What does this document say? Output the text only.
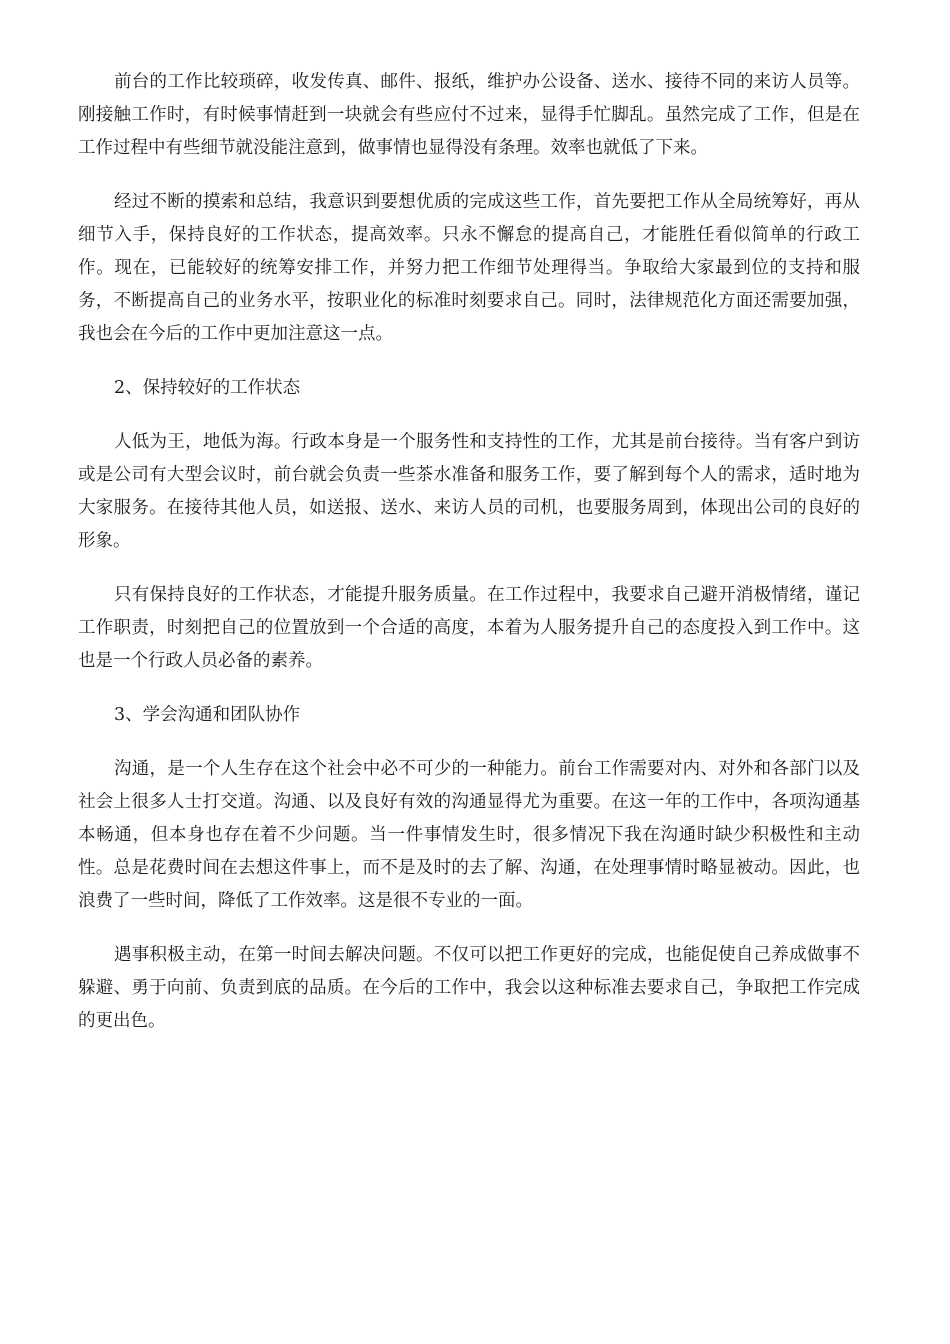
前台的工作比较琐碎，收发传真、邮件、报纸，维护办公设备、送水、接待不同的来访人员等。刚接触工作时，有时候事情赶到一块就会有些应付不过来，显得手忙脚乱。虽然完成了工作，但是在工作过程中有些细节就没能注意到，做事情也显得没有条理。效率也就低了下来。

经过不断的摸索和总结，我意识到要想优质的完成这些工作，首先要把工作从全局统筹好，再从细节入手，保持良好的工作状态，提高效率。只永不懈怠的提高自己，才能胜任看似简单的行政工作。现在，已能较好的统筹安排工作，并努力把工作细节处理得当。争取给大家最到位的支持和服务，不断提高自己的业务水平，按职业化的标准时刻要求自己。同时，法律规范化方面还需要加强，我也会在今后的工作中更加注意这一点。

2、保持较好的工作状态

人低为王，地低为海。行政本身是一个服务性和支持性的工作，尤其是前台接待。当有客户到访或是公司有大型会议时，前台就会负责一些茶水准备和服务工作，要了解到每个人的需求，适时地为大家服务。在接待其他人员，如送报、送水、来访人员的司机，也要服务周到，体现出公司的良好的形象。

只有保持良好的工作状态，才能提升服务质量。在工作过程中，我要求自己避开消极情绪，谨记工作职责，时刻把自己的位置放到一个合适的高度，本着为人服务提升自己的态度投入到工作中。这也是一个行政人员必备的素养。

3、学会沟通和团队协作

沟通，是一个人生存在这个社会中必不可少的一种能力。前台工作需要对内、对外和各部门以及社会上很多人士打交道。沟通、以及良好有效的沟通显得尤为重要。在这一年的工作中，各项沟通基本畅通，但本身也存在着不少问题。当一件事情发生时，很多情况下我在沟通时缺少积极性和主动性。总是花费时间在去想这件事上，而不是及时的去了解、沟通，在处理事情时略显被动。因此，也浪费了一些时间，降低了工作效率。这是很不专业的一面。

遇事积极主动，在第一时间去解决问题。不仅可以把工作更好的完成，也能促使自己养成做事不躲避、勇于向前、负责到底的品质。在今后的工作中，我会以这种标准去要求自己，争取把工作完成的更出色。
